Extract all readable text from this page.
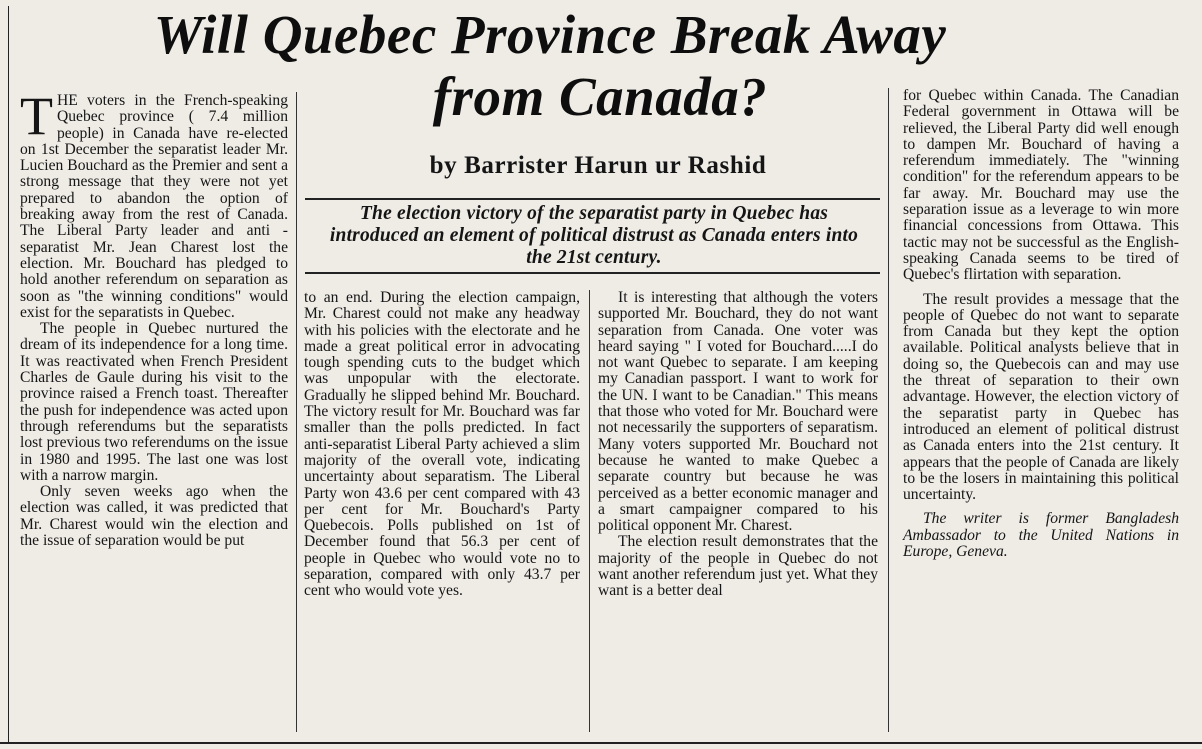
Will Quebec Province Break Away
from Canada?
by Barrister Harun ur Rashid

The election victory of the separatist party in Quebec has introduced an element of political distrust as Canada enters into the 21st century.

THE voters in the French-speaking Quebec province ( 7.4 million people) in Canada have re-elected on 1st December the separatist leader Mr. Lucien Bouchard as the Premier and sent a strong message that they were not yet prepared to abandon the option of breaking away from the rest of Canada. The Liberal Party leader and anti -separatist Mr. Jean Charest lost the election. Mr. Bouchard has pledged to hold another referendum on separation as soon as "the winning conditions" would exist for the separatists in Quebec.

The people in Quebec nurtured the dream of its independence for a long time. It was reactivated when French President Charles de Gaule during his visit to the province raised a French toast. Thereafter the push for independence was acted upon through referendums but the separatists lost previous two referendums on the issue in 1980 and 1995. The last one was lost with a narrow margin.

Only seven weeks ago when the election was called, it was predicted that Mr. Charest would win the election and the issue of separation would be put

to an end. During the election campaign, Mr. Charest could not make any headway with his policies with the electorate and he made a great political error in advocating tough spending cuts to the budget which was unpopular with the electorate. Gradually he slipped behind Mr. Bouchard. The victory result for Mr. Bouchard was far smaller than the polls predicted. In fact anti-separatist Liberal Party achieved a slim majority of the overall vote, indicating uncertainty about separatism. The Liberal Party won 43.6 per cent compared with 43 per cent for Mr. Bouchard's Party Quebecois. Polls published on 1st of December found that 56.3 per cent of people in Quebec who would vote no to separation, compared with only 43.7 per cent who would vote yes.

It is interesting that although the voters supported Mr. Bouchard, they do not want separation from Canada. One voter was heard saying " I voted for Bouchard.....I do not want Quebec to separate. I am keeping my Canadian passport. I want to work for the UN. I want to be Canadian." This means that those who voted for Mr. Bouchard were not necessarily the supporters of separatism. Many voters supported Mr. Bouchard not because he wanted to make Quebec a separate country but because he was perceived as a better economic manager and a smart campaigner compared to his political opponent Mr. Charest.

The election result demonstrates that the majority of the people in Quebec do not want another referendum just yet. What they want is a better deal

for Quebec within Canada. The Canadian Federal government in Ottawa will be relieved, the Liberal Party did well enough to dampen Mr. Bouchard of having a referendum immediately. The "winning condition" for the referendum appears to be far away. Mr. Bouchard may use the separation issue as a leverage to win more financial concessions from Ottawa. This tactic may not be successful as the English-speaking Canada seems to be tired of Quebec's flirtation with separation.

The result provides a message that the people of Quebec do not want to separate from Canada but they kept the option available. Political analysts believe that in doing so, the Quebecois can and may use the threat of separation to their own advantage. However, the election victory of the separatist party in Quebec has introduced an element of political distrust as Canada enters into the 21st century. It appears that the people of Canada are likely to be the losers in maintaining this political uncertainty.

The writer is former Bangladesh Ambassador to the United Nations in Europe, Geneva.
